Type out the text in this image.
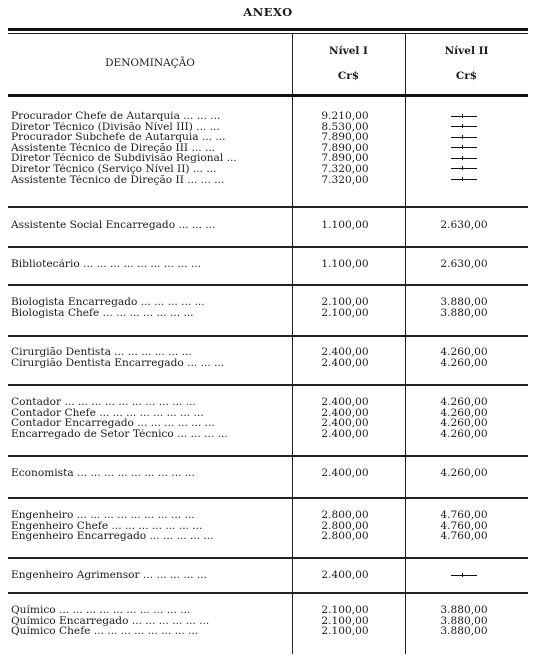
ANEXO
DENOMINAÇÃO
Nível I
Cr$
Nível II
Cr$
Procurador Chefe de Autarquia ... ... ...	9.210,00
Diretor Técnico (Divisão Nível III) ... ...	8.530,00
Procurador Subchefe de Autarquia ... ...	7.890,00
Assistente Técnico de Direção III ... ...	7.890,00
Diretor Técnico de Subdivisão Regional ...	7.890,00
Diretor Técnico (Serviço Nível II) ... ...	7.320,00
Assistente Técnico de Direção II ... ... ...	7.320,00
Assistente Social Encarregado ... ... ...	1.100,00	2.630,00
Bibliotecário ... ... ... ... ... ... ... ... ...	1.100,00	2.630,00
Biologista Encarregado ... ... ... ... ...	2.100,00	3.880,00
Biologista Chefe ... ... ... ... ... ... ...	2.100,00	3.880,00
Cirurgião Dentista ... ... ... ... ... ...	2.400,00	4.260,00
Cirurgião Dentista Encarregado ... ... ...	2.400,00	4.260,00
Contador ... ... ... ... ... ... ... ... ... ...	2.400,00	4.260,00
Contador Chefe ... ... ... ... ... ... ... ...	2.400,00	4.260,00
Contador Encarregado ... ... ... ... ... ...	2.400,00	4.260,00
Encarregado de Setor Técnico ... ... ... ...	2.400,00	4.260,00
Economista ... ... ... ... ... ... ... ... ...	2.400,00	4.260,00
Engenheiro ... ... ... ... ... ... ... ... ...	2.800,00	4.760,00
Engenheiro Chefe ... ... ... ... ... ... ...	2.800,00	4.760,00
Engenheiro Encarregado ... ... ... ... ...	2.800,00	4.760,00
Engenheiro Agrimensor ... ... ... ... ...	2.400,00
Químico ... ... ... ... ... ... ... ... ... ...	2.100,00	3.880,00
Químico Encarregado ... ... ... ... ... ...	2.100,00	3.880,00
Químico Chefe ... ... ... ... ... ... ... ...	2.100,00	3.880,00
